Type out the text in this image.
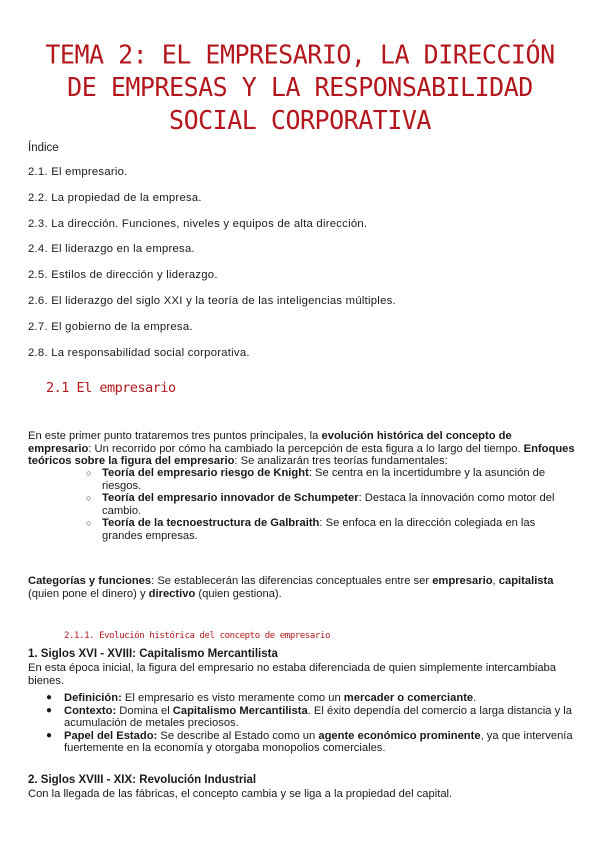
TEMA 2: EL EMPRESARIO, LA DIRECCIÓN DE EMPRESAS Y LA RESPONSABILIDAD SOCIAL CORPORATIVA
Índice
2.1. El empresario.
2.2. La propiedad de la empresa.
2.3. La dirección. Funciones, niveles y equipos de alta dirección.
2.4. El liderazgo en la empresa.
2.5. Estilos de dirección y liderazgo.
2.6. El liderazgo del siglo XXI y la teoría de las inteligencias múltiples.
2.7. El gobierno de la empresa.
2.8. La responsabilidad social corporativa.
2.1 El empresario
En este primer punto trataremos tres puntos principales, la evolución histórica del concepto de empresario: Un recorrido por cómo ha cambiado la percepción de esta figura a lo largo del tiempo. Enfoques teóricos sobre la figura del empresario: Se analizarán tres teorías fundamentales:
○ Teoría del empresario riesgo de Knight: Se centra en la incertidumbre y la asunción de riesgos.
○ Teoría del empresario innovador de Schumpeter: Destaca la innovación como motor del cambio.
○ Teoría de la tecnoestructura de Galbraith: Se enfoca en la dirección colegiada en las grandes empresas.
Categorías y funciones: Se establecerán las diferencias conceptuales entre ser empresario, capitalista (quien pone el dinero) y directivo (quien gestiona).
2.1.1. Evolución histórica del concepto de empresario
1. Siglos XVI - XVIII: Capitalismo Mercantilista
En esta época inicial, la figura del empresario no estaba diferenciada de quien simplemente intercambiaba bienes.
● Definición: El empresario es visto meramente como un mercader o comerciante.
● Contexto: Domina el Capitalismo Mercantilista. El éxito dependía del comercio a larga distancia y la acumulación de metales preciosos.
● Papel del Estado: Se describe al Estado como un agente económico prominente, ya que intervenía fuertemente en la economía y otorgaba monopolios comerciales.
2. Siglos XVIII - XIX: Revolución Industrial
Con la llegada de las fábricas, el concepto cambia y se liga a la propiedad del capital.
